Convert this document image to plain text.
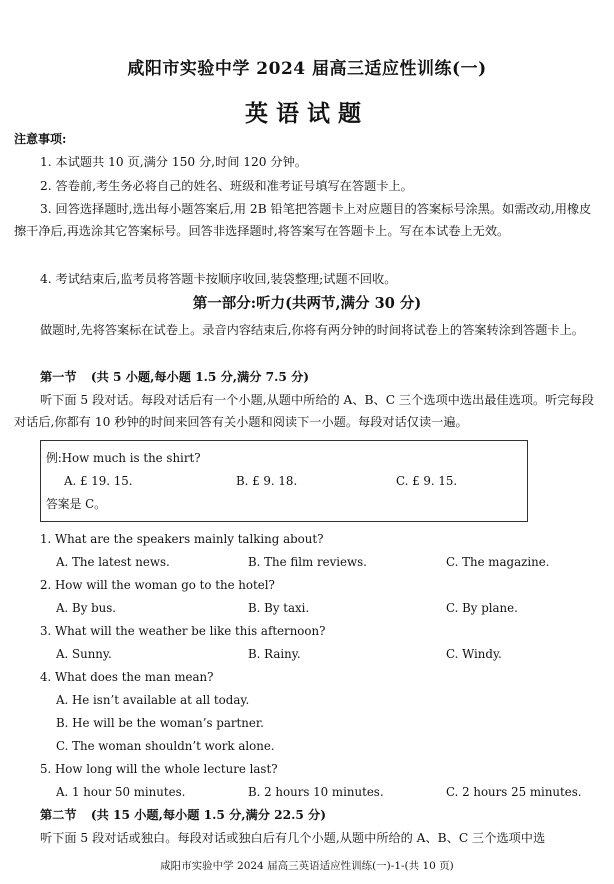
咸阳市实验中学 2024 届高三适应性训练(一)
英语试题
注意事项:
1. 本试题共 10 页,满分 150 分,时间 120 分钟。
2. 答卷前,考生务必将自己的姓名、班级和准考证号填写在答题卡上。
3. 回答选择题时,选出每小题答案后,用 2B 铅笔把答题卡上对应题目的答案标号涂黑。如需改动,用橡皮擦干净后,再选涂其它答案标号。回答非选择题时,将答案写在答题卡上。写在本试卷上无效。
4. 考试结束后,监考员将答题卡按顺序收回,装袋整理;试题不回收。
第一部分:听力(共两节,满分 30 分)
做题时,先将答案标在试卷上。录音内容结束后,你将有两分钟的时间将试卷上的答案转涂到答题卡上。
第一节 (共 5 小题,每小题 1.5 分,满分 7.5 分)
听下面 5 段对话。每段对话后有一个小题,从题中所给的 A、B、C 三个选项中选出最佳选项。听完每段对话后,你都有 10 秒钟的时间来回答有关小题和阅读下一小题。每段对话仅读一遍。
例:How much is the shirt?
A. £ 19. 15.	B. £ 9. 18.	C. £ 9. 15.
答案是 C。
1. What are the speakers mainly talking about?
A. The latest news.	B. The film reviews.	C. The magazine.
2. How will the woman go to the hotel?
A. By bus.	B. By taxi.	C. By plane.
3. What will the weather be like this afternoon?
A. Sunny.	B. Rainy.	C. Windy.
4. What does the man mean?
A. He isn’t available at all today.
B. He will be the woman’s partner.
C. The woman shouldn’t work alone.
5. How long will the whole lecture last?
A. 1 hour 50 minutes.	B. 2 hours 10 minutes.	C. 2 hours 25 minutes.
第二节 (共 15 小题,每小题 1.5 分,满分 22.5 分)
听下面 5 段对话或独白。每段对话或独白后有几个小题,从题中所给的 A、B、C 三个选项中选
咸阳市实验中学 2024 届高三英语适应性训练(一)-1-(共 10 页)
